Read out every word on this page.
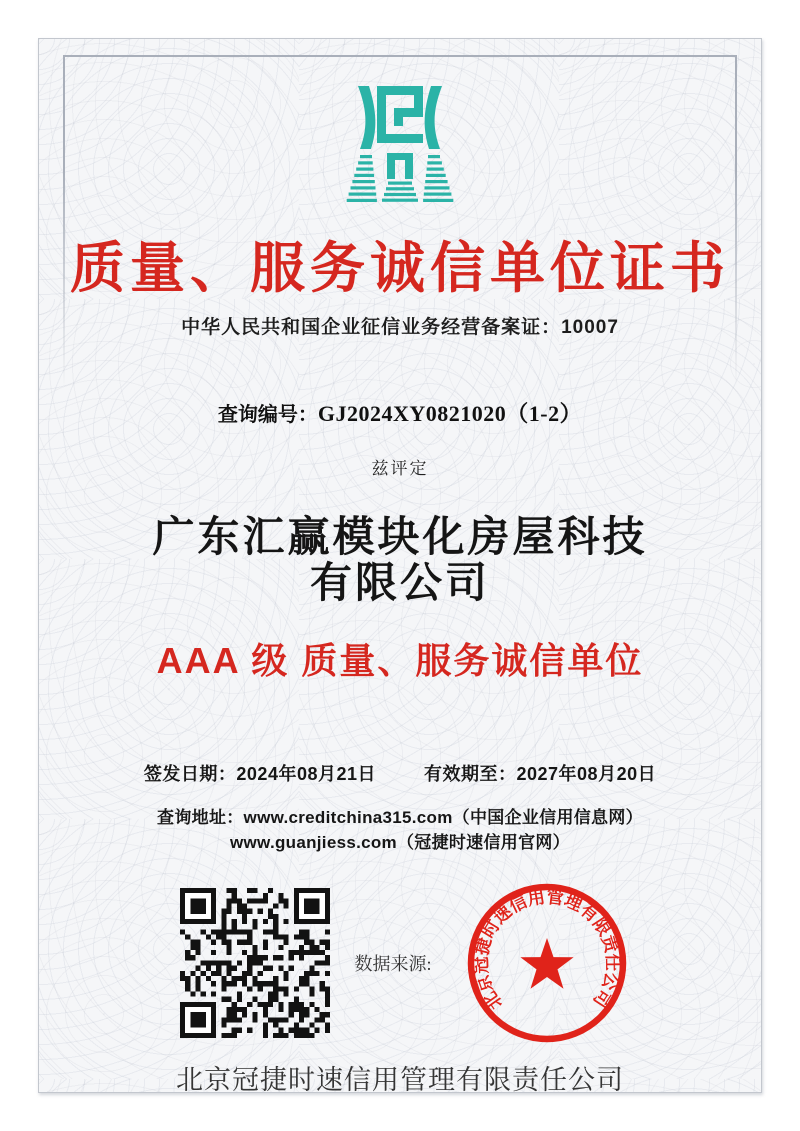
质量、服务诚信单位证书
中华人民共和国企业征信业务经营备案证：10007
查询编号：GJ2024XY0821020（1-2）
兹评定
广东汇赢模块化房屋科技
有限公司
AAA 级 质量、服务诚信单位
签发日期：2024年08月21日	有效期至：2027年08月20日
查询地址：www.creditchina315.com（中国企业信用信息网）
www.guanjiess.com（冠捷时速信用官网）
数据来源:
北京冠捷时速信用管理有限责任公司
北京冠捷时速信用管理有限责任公司
